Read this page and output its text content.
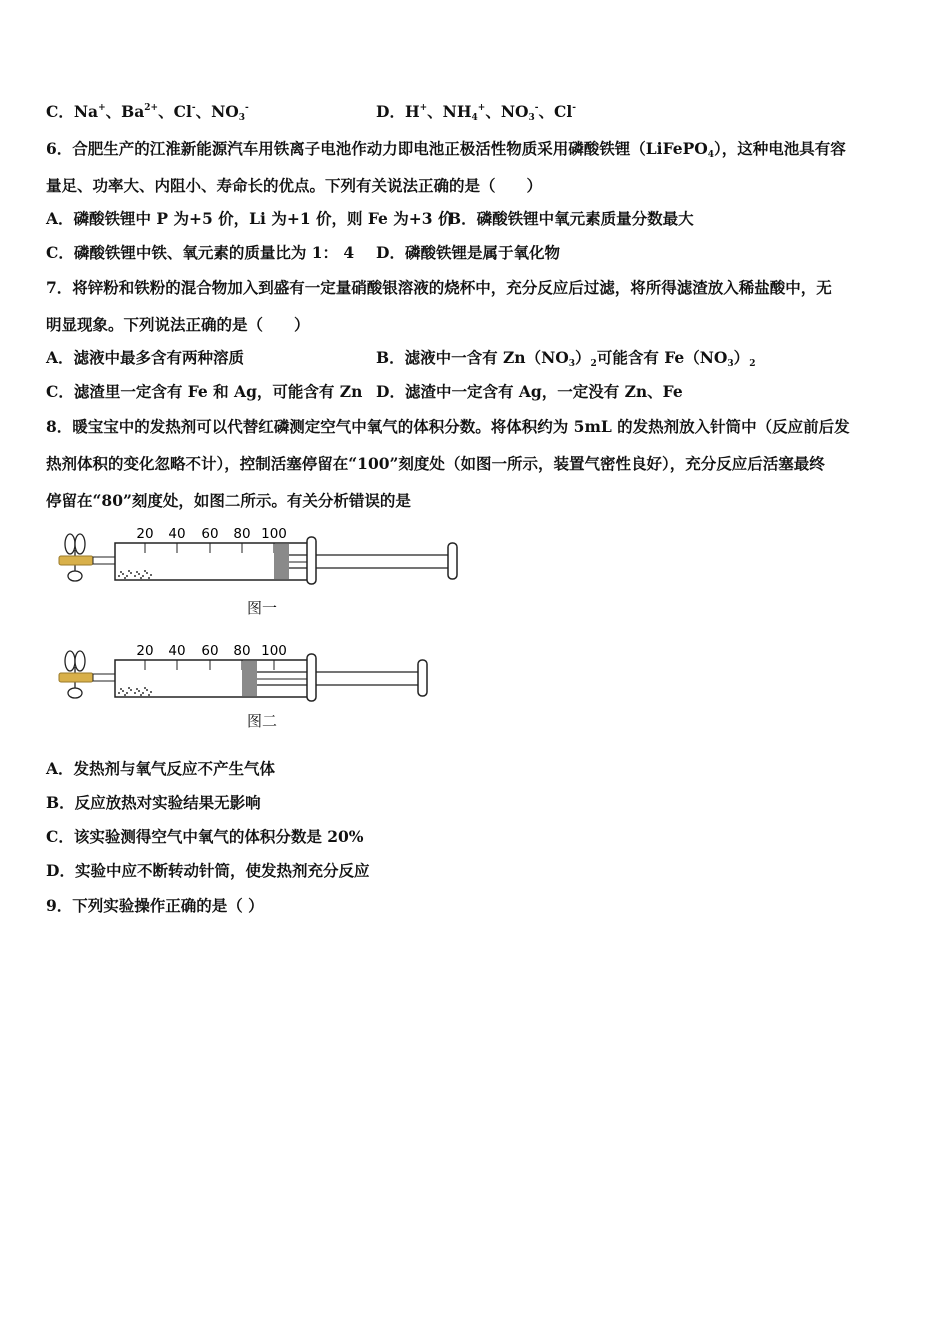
C．Na+、$Ba^{2+}$、Cl-、$NO_3^-$	D．H+、$NH_4^+$、$NO_3^-$、Cl-
6．合肥生产的江淮新能源汽车用铁离子电池作动力即电池正极活性物质采用磷酸铁锂（LiFePO$_4$），这种电池具有容
量足、功率大、内阻小、寿命长的优点。下列有关说法正确的是（　　）
A．磷酸铁锂中 P 为+5 价，Li 为+1 价，则 Fe 为+3 价
B．磷酸铁锂中氧元素质量分数最大
C．磷酸铁锂中铁、氧元素的质量比为 1： 4 D．磷酸铁锂是属于氧化物
7．将锌粉和铁粉的混合物加入到盛有一定量硝酸银溶液的烧杯中，充分反应后过滤，将所得滤渣放入稀盐酸中，无
明显现象。下列说法正确的是（　　）
A．滤液中最多含有两种溶质	B．滤液中一含有 $Zn(NO_3)_2$可能含有 $Fe(NO_3)_2$
C．滤渣里一定含有 Fe 和 Ag，可能含有 Zn D．滤渣中一定含有 Ag，一定没有 Zn、Fe
8．暖宝宝中的发热剂可以代替红磷测定空气中氧气的体积分数。将体积约为 5mL 的发热剂放入针筒中（反应前后发
热剂体积的变化忽略不计），控制活塞停留在“100”刻度处（如图一所示，装置气密性良好），充分反应后活塞最终
停留在“80”刻度处，如图二所示。有关分析错误的是
20 40 60 80 100
图一
20 40 60 80 100
图二
A．发热剂与氧气反应不产生气体
B．反应放热对实验结果无影响
C．该实验测得空气中氧气的体积分数是 20%
D．实验中应不断转动针筒，使发热剂充分反应
9．下列实验操作正确的是（ ）
